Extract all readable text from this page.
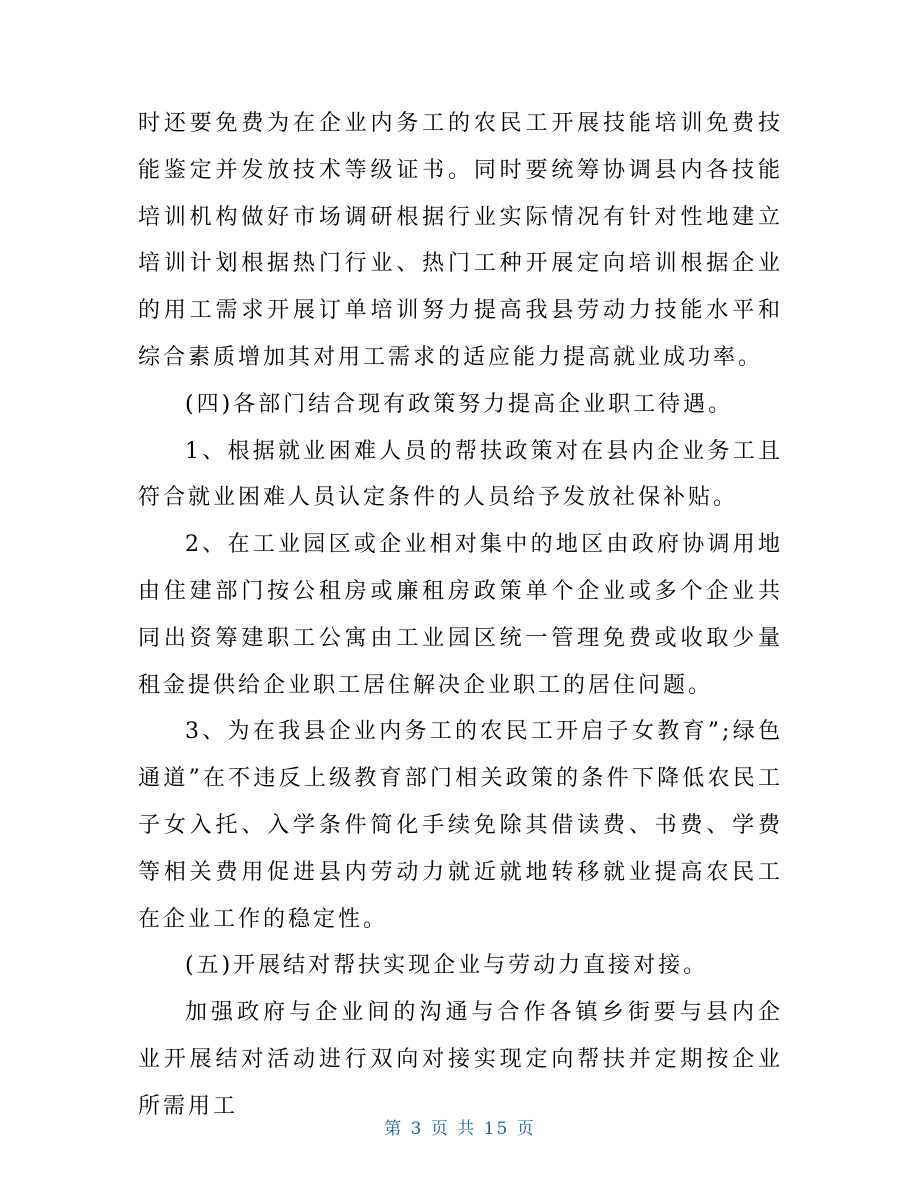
时还要免费为在企业内务工的农民工开展技能培训免费技能鉴定并发放技术等级证书。同时要统筹协调县内各技能培训机构做好市场调研根据行业实际情况有针对性地建立培训计划根据热门行业、热门工种开展定向培训根据企业的用工需求开展订单培训努力提高我县劳动力技能水平和综合素质增加其对用工需求的适应能力提高就业成功率。

(四)各部门结合现有政策努力提高企业职工待遇。

1、根据就业困难人员的帮扶政策对在县内企业务工且符合就业困难人员认定条件的人员给予发放社保补贴。

2、在工业园区或企业相对集中的地区由政府协调用地由住建部门按公租房或廉租房政策单个企业或多个企业共同出资筹建职工公寓由工业园区统一管理免费或收取少量租金提供给企业职工居住解决企业职工的居住问题。

3、为在我县企业内务工的农民工开启子女教育”;绿色通道”在不违反上级教育部门相关政策的条件下降低农民工子女入托、入学条件简化手续免除其借读费、书费、学费等相关费用促进县内劳动力就近就地转移就业提高农民工在企业工作的稳定性。

(五)开展结对帮扶实现企业与劳动力直接对接。

加强政府与企业间的沟通与合作各镇乡街要与县内企业开展结对活动进行双向对接实现定向帮扶并定期按企业所需用工

第 3 页 共 15 页
